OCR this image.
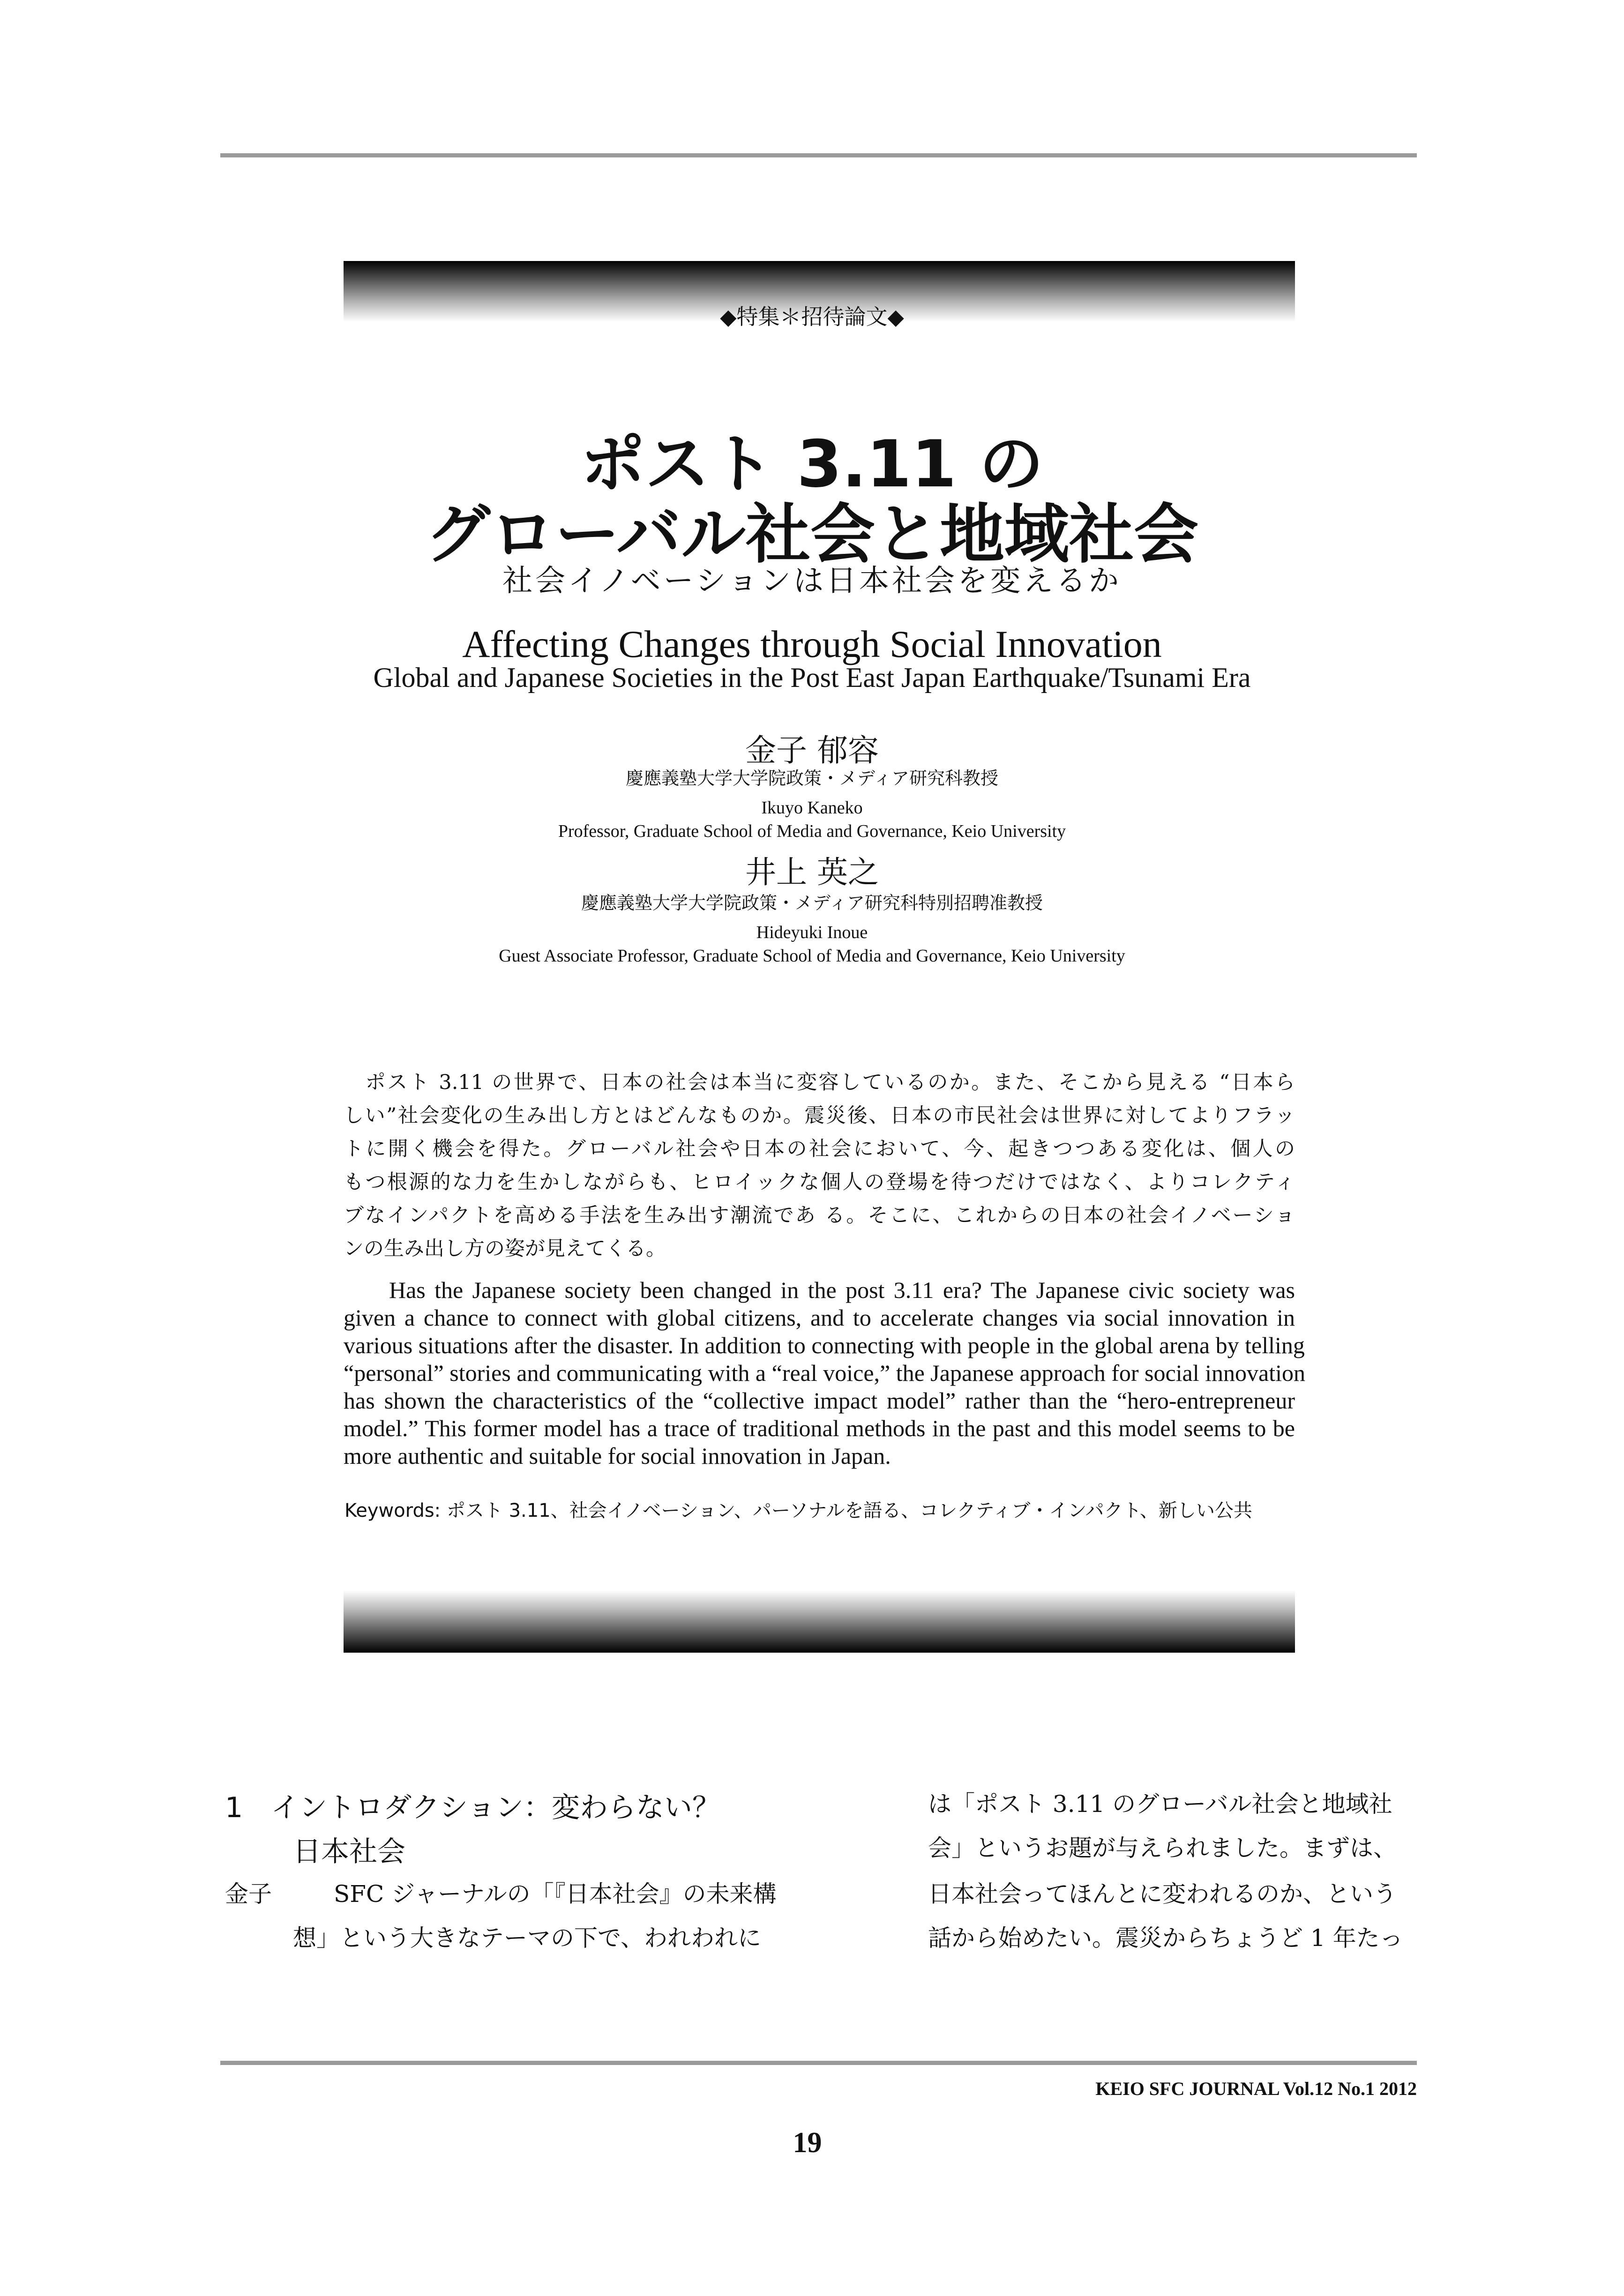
◆特集＊招待論文◆
ポスト 3.11 の
グローバル社会と地域社会
社会イノベーションは日本社会を変えるか
Affecting Changes through Social Innovation
Global and Japanese Societies in the Post East Japan Earthquake/Tsunami Era
金子 郁容
慶應義塾大学大学院政策・メディア研究科教授
Ikuyo Kaneko
Professor, Graduate School of Media and Governance, Keio University
井上 英之
慶應義塾大学大学院政策・メディア研究科特別招聘准教授
Hideyuki Inoue
Guest Associate Professor, Graduate School of Media and Governance, Keio University
　ポスト 3.11 の世界で、日本の社会は本当に変容しているのか。また、そこから見える “日本ら
しい”社会変化の生み出し方とはどんなものか。震災後、日本の市民社会は世界に対してよりフラッ
トに開く機会を得た。グローバル社会や日本の社会において、今、起きつつある変化は、個人の
もつ根源的な力を生かしながらも、ヒロイックな個人の登場を待つだけではなく、よりコレクティ
ブなインパクトを高める手法を生み出す潮流であ る。そこに、これからの日本の社会イノベーショ
ンの生み出し方の姿が見えてくる。
Has the Japanese society been changed in the post 3.11 era? The Japanese civic society was
given a chance to connect with global citizens, and to accelerate changes via social innovation in
various situations after the disaster. In addition to connecting with people in the global arena by telling
“personal” stories and communicating with a “real voice,” the Japanese approach for social innovation
has shown the characteristics of the “collective impact model” rather than the “hero-entrepreneur
model.” This former model has a trace of traditional methods in the past and this model seems to be
more authentic and suitable for social innovation in Japan.
Keywords: ポスト 3.11、社会イノベーション、パーソナルを語る、コレクティブ・インパクト、新しい公共
1　イントロダクション：変わらない？
日本社会
金子	SFC ジャーナルの「『日本社会』の未来構
想」という大きなテーマの下で、われわれに
は「ポスト 3.11 のグローバル社会と地域社
会」というお題が与えられました。まずは、
日本社会ってほんとに変われるのか、という
話から始めたい。震災からちょうど 1 年たっ
KEIO SFC JOURNAL Vol.12 No.1 2012
19
